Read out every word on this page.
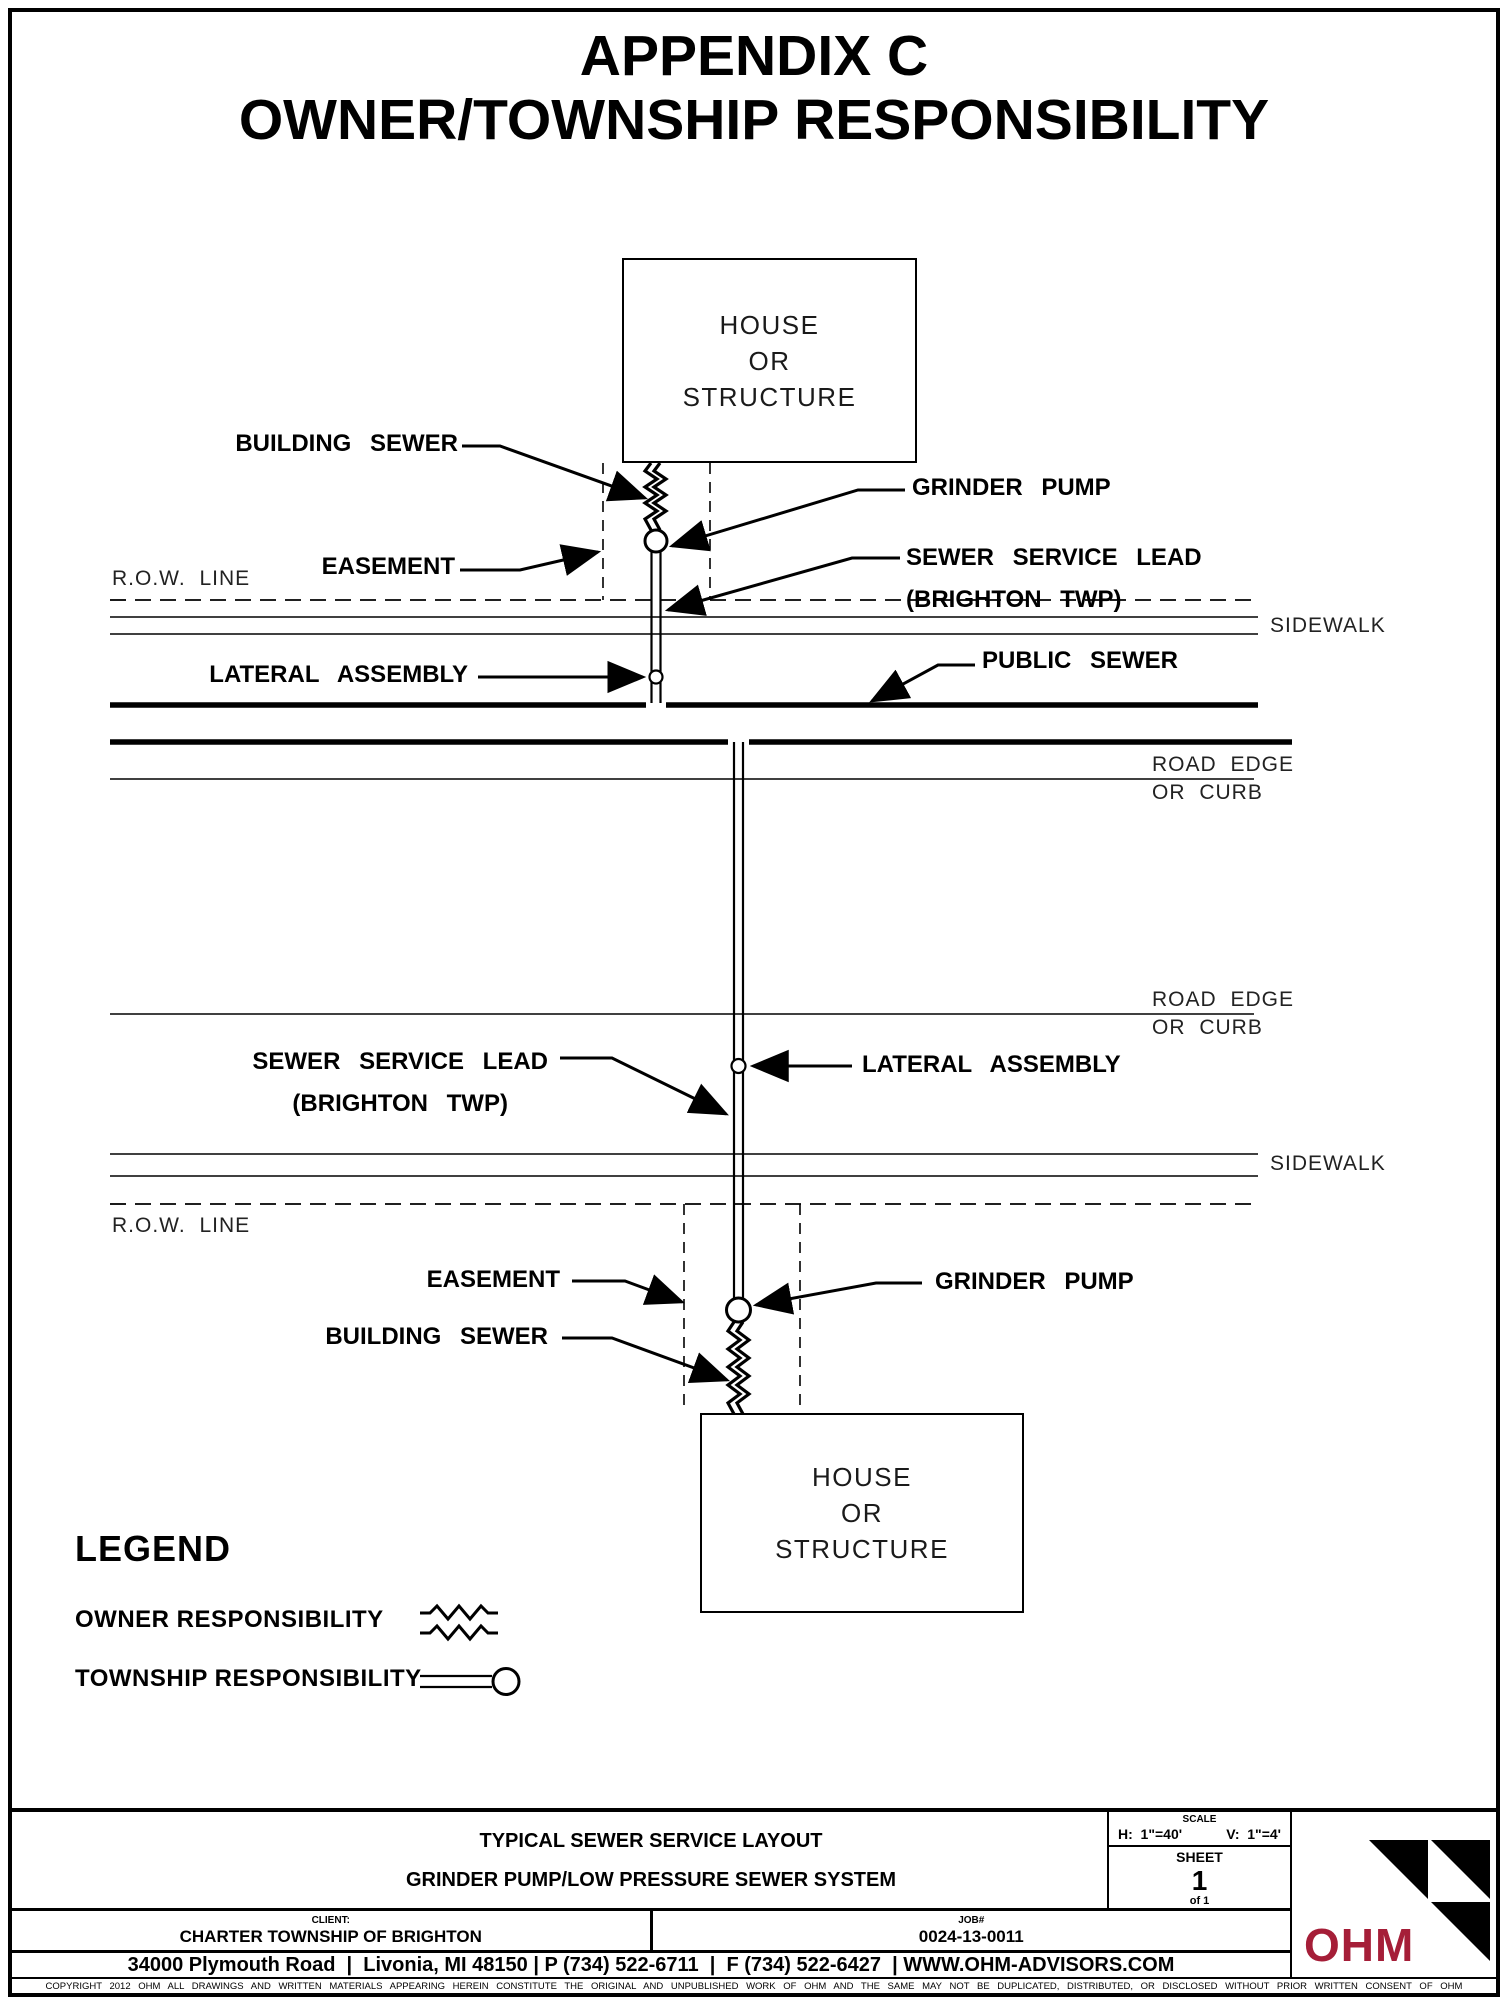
APPENDIX C
OWNER/TOWNSHIP RESPONSIBILITY
HOUSE
OR
STRUCTURE
HOUSE
OR
STRUCTURE
BUILDING SEWER
EASEMENT
GRINDER PUMP
SEWER SERVICE LEAD
(BRIGHTON TWP)
R.O.W. LINE
SIDEWALK
LATERAL ASSEMBLY
PUBLIC SEWER
ROAD EDGE
OR CURB
ROAD EDGE
OR CURB
SEWER SERVICE LEAD
(BRIGHTON TWP)
LATERAL ASSEMBLY
SIDEWALK
R.O.W. LINE
EASEMENT	GRINDER PUMP
BUILDING SEWER
LEGEND
OWNER RESPONSIBILITY
TOWNSHIP RESPONSIBILITY
TYPICAL SEWER SERVICE LAYOUT
GRINDER PUMP/LOW PRESSURE SEWER SYSTEM
SCALE
H:  1"=40'	V:  1"=4'
SHEET
1
of 1
CLIENT:
CHARTER TOWNSHIP OF BRIGHTON
JOB#
0024-13-0011
34000 Plymouth Road  |  Livonia, MI 48150 | P (734) 522-6711  |  F (734) 522-6427  | WWW.OHM-ADVISORS.COM	OHM
COPYRIGHT 2012 OHM ALL DRAWINGS AND WRITTEN MATERIALS APPEARING HEREIN CONSTITUTE THE ORIGINAL AND UNPUBLISHED WORK OF OHM AND THE SAME MAY NOT BE DUPLICATED, DISTRIBUTED, OR DISCLOSED WITHOUT PRIOR WRITTEN CONSENT OF OHM
